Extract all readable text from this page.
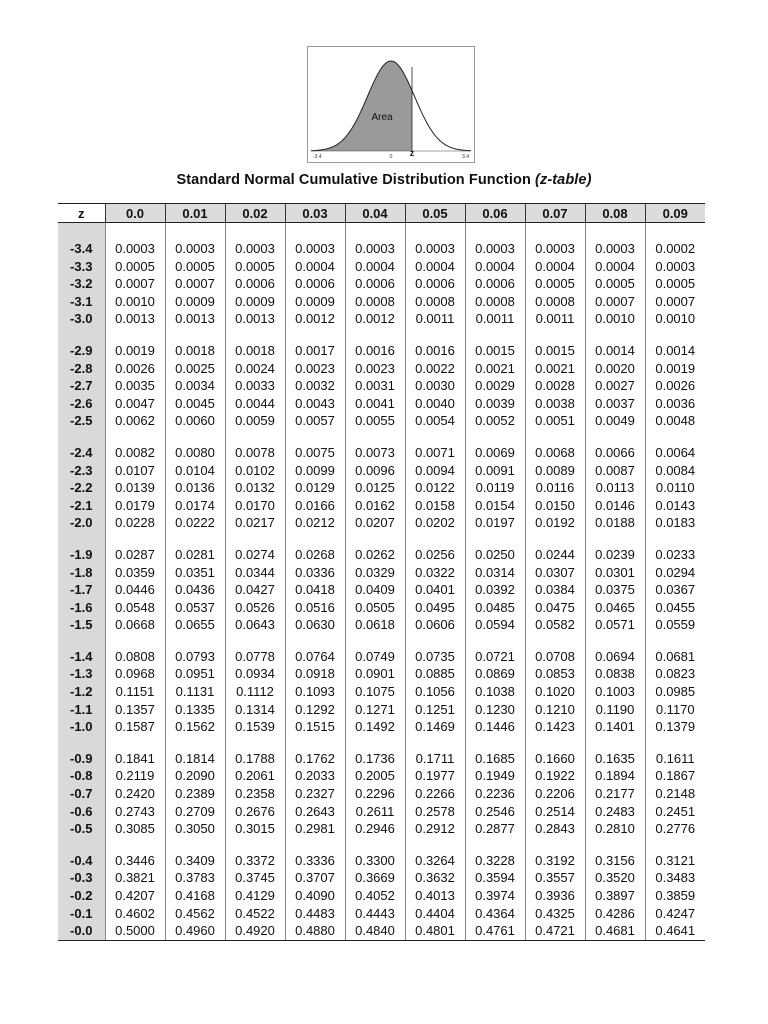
Area
z
-3.4	0	3.4
Standard Normal Cumulative Distribution Function (z-table)
z	0.0	0.01	0.02	0.03	0.04	0.05	0.06	0.07	0.08	0.09

-3.4	0.0003	0.0003	0.0003	0.0003	0.0003	0.0003	0.0003	0.0003	0.0003	0.0002
-3.3	0.0005	0.0005	0.0005	0.0004	0.0004	0.0004	0.0004	0.0004	0.0004	0.0003
-3.2	0.0007	0.0007	0.0006	0.0006	0.0006	0.0006	0.0006	0.0005	0.0005	0.0005
-3.1	0.0010	0.0009	0.0009	0.0009	0.0008	0.0008	0.0008	0.0008	0.0007	0.0007
-3.0	0.0013	0.0013	0.0013	0.0012	0.0012	0.0011	0.0011	0.0011	0.0010	0.0010

-2.9	0.0019	0.0018	0.0018	0.0017	0.0016	0.0016	0.0015	0.0015	0.0014	0.0014
-2.8	0.0026	0.0025	0.0024	0.0023	0.0023	0.0022	0.0021	0.0021	0.0020	0.0019
-2.7	0.0035	0.0034	0.0033	0.0032	0.0031	0.0030	0.0029	0.0028	0.0027	0.0026
-2.6	0.0047	0.0045	0.0044	0.0043	0.0041	0.0040	0.0039	0.0038	0.0037	0.0036
-2.5	0.0062	0.0060	0.0059	0.0057	0.0055	0.0054	0.0052	0.0051	0.0049	0.0048

-2.4	0.0082	0.0080	0.0078	0.0075	0.0073	0.0071	0.0069	0.0068	0.0066	0.0064
-2.3	0.0107	0.0104	0.0102	0.0099	0.0096	0.0094	0.0091	0.0089	0.0087	0.0084
-2.2	0.0139	0.0136	0.0132	0.0129	0.0125	0.0122	0.0119	0.0116	0.0113	0.0110
-2.1	0.0179	0.0174	0.0170	0.0166	0.0162	0.0158	0.0154	0.0150	0.0146	0.0143
-2.0	0.0228	0.0222	0.0217	0.0212	0.0207	0.0202	0.0197	0.0192	0.0188	0.0183

-1.9	0.0287	0.0281	0.0274	0.0268	0.0262	0.0256	0.0250	0.0244	0.0239	0.0233
-1.8	0.0359	0.0351	0.0344	0.0336	0.0329	0.0322	0.0314	0.0307	0.0301	0.0294
-1.7	0.0446	0.0436	0.0427	0.0418	0.0409	0.0401	0.0392	0.0384	0.0375	0.0367
-1.6	0.0548	0.0537	0.0526	0.0516	0.0505	0.0495	0.0485	0.0475	0.0465	0.0455
-1.5	0.0668	0.0655	0.0643	0.0630	0.0618	0.0606	0.0594	0.0582	0.0571	0.0559

-1.4	0.0808	0.0793	0.0778	0.0764	0.0749	0.0735	0.0721	0.0708	0.0694	0.0681
-1.3	0.0968	0.0951	0.0934	0.0918	0.0901	0.0885	0.0869	0.0853	0.0838	0.0823
-1.2	0.1151	0.1131	0.1112	0.1093	0.1075	0.1056	0.1038	0.1020	0.1003	0.0985
-1.1	0.1357	0.1335	0.1314	0.1292	0.1271	0.1251	0.1230	0.1210	0.1190	0.1170
-1.0	0.1587	0.1562	0.1539	0.1515	0.1492	0.1469	0.1446	0.1423	0.1401	0.1379

-0.9	0.1841	0.1814	0.1788	0.1762	0.1736	0.1711	0.1685	0.1660	0.1635	0.1611
-0.8	0.2119	0.2090	0.2061	0.2033	0.2005	0.1977	0.1949	0.1922	0.1894	0.1867
-0.7	0.2420	0.2389	0.2358	0.2327	0.2296	0.2266	0.2236	0.2206	0.2177	0.2148
-0.6	0.2743	0.2709	0.2676	0.2643	0.2611	0.2578	0.2546	0.2514	0.2483	0.2451
-0.5	0.3085	0.3050	0.3015	0.2981	0.2946	0.2912	0.2877	0.2843	0.2810	0.2776

-0.4	0.3446	0.3409	0.3372	0.3336	0.3300	0.3264	0.3228	0.3192	0.3156	0.3121
-0.3	0.3821	0.3783	0.3745	0.3707	0.3669	0.3632	0.3594	0.3557	0.3520	0.3483
-0.2	0.4207	0.4168	0.4129	0.4090	0.4052	0.4013	0.3974	0.3936	0.3897	0.3859
-0.1	0.4602	0.4562	0.4522	0.4483	0.4443	0.4404	0.4364	0.4325	0.4286	0.4247
-0.0	0.5000	0.4960	0.4920	0.4880	0.4840	0.4801	0.4761	0.4721	0.4681	0.4641
